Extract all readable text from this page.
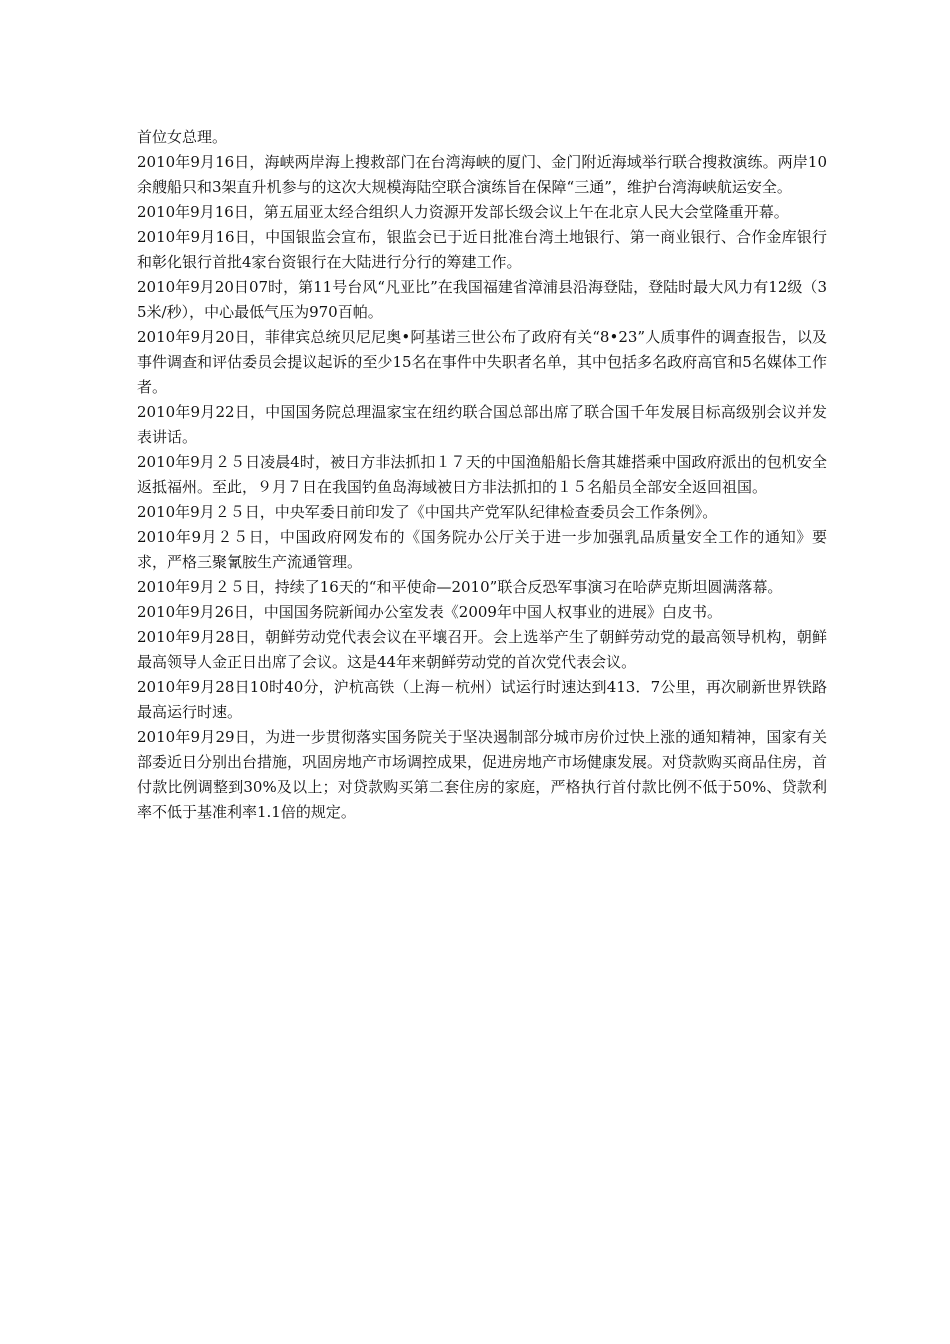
首位女总理。

2010年9月16日，海峡两岸海上搜救部门在台湾海峡的厦门、金门附近海域举行联合搜救演练。两岸10余艘船只和3架直升机参与的这次大规模海陆空联合演练旨在保障“三通”，维护台湾海峡航运安全。

2010年9月16日，第五届亚太经合组织人力资源开发部长级会议上午在北京人民大会堂隆重开幕。

2010年9月16日，中国银监会宣布，银监会已于近日批准台湾土地银行、第一商业银行、合作金库银行和彰化银行首批4家台资银行在大陆进行分行的筹建工作。

2010年9月20日07时，第11号台风“凡亚比”在我国福建省漳浦县沿海登陆，登陆时最大风力有12级（35米/秒），中心最低气压为970百帕。

2010年9月20日，菲律宾总统贝尼尼奥•阿基诺三世公布了政府有关“8•23”人质事件的调查报告，以及事件调查和评估委员会提议起诉的至少15名在事件中失职者名单，其中包括多名政府高官和5名媒体工作者。

2010年9月22日，中国国务院总理温家宝在纽约联合国总部出席了联合国千年发展目标高级别会议并发表讲话。

2010年9月２５日凌晨4时，被日方非法抓扣１７天的中国渔船船长詹其雄搭乘中国政府派出的包机安全返抵福州。至此，９月７日在我国钓鱼岛海域被日方非法抓扣的１５名船员全部安全返回祖国。

2010年9月２５日，中央军委日前印发了《中国共产党军队纪律检查委员会工作条例》。

2010年9月２５日，中国政府网发布的《国务院办公厅关于进一步加强乳品质量安全工作的通知》要求，严格三聚氰胺生产流通管理。

2010年9月２５日，持续了16天的“和平使命—2010”联合反恐军事演习在哈萨克斯坦圆满落幕。

2010年9月26日，中国国务院新闻办公室发表《2009年中国人权事业的进展》白皮书。

2010年9月28日，朝鲜劳动党代表会议在平壤召开。会上选举产生了朝鲜劳动党的最高领导机构，朝鲜最高领导人金正日出席了会议。这是44年来朝鲜劳动党的首次党代表会议。

2010年9月28日10时40分，沪杭高铁（上海－杭州）试运行时速达到413．7公里，再次刷新世界铁路最高运行时速。

2010年9月29日，为进一步贯彻落实国务院关于坚决遏制部分城市房价过快上涨的通知精神，国家有关部委近日分别出台措施，巩固房地产市场调控成果，促进房地产市场健康发展。对贷款购买商品住房，首付款比例调整到30%及以上；对贷款购买第二套住房的家庭，严格执行首付款比例不低于50%、贷款利率不低于基准利率1.1倍的规定。
